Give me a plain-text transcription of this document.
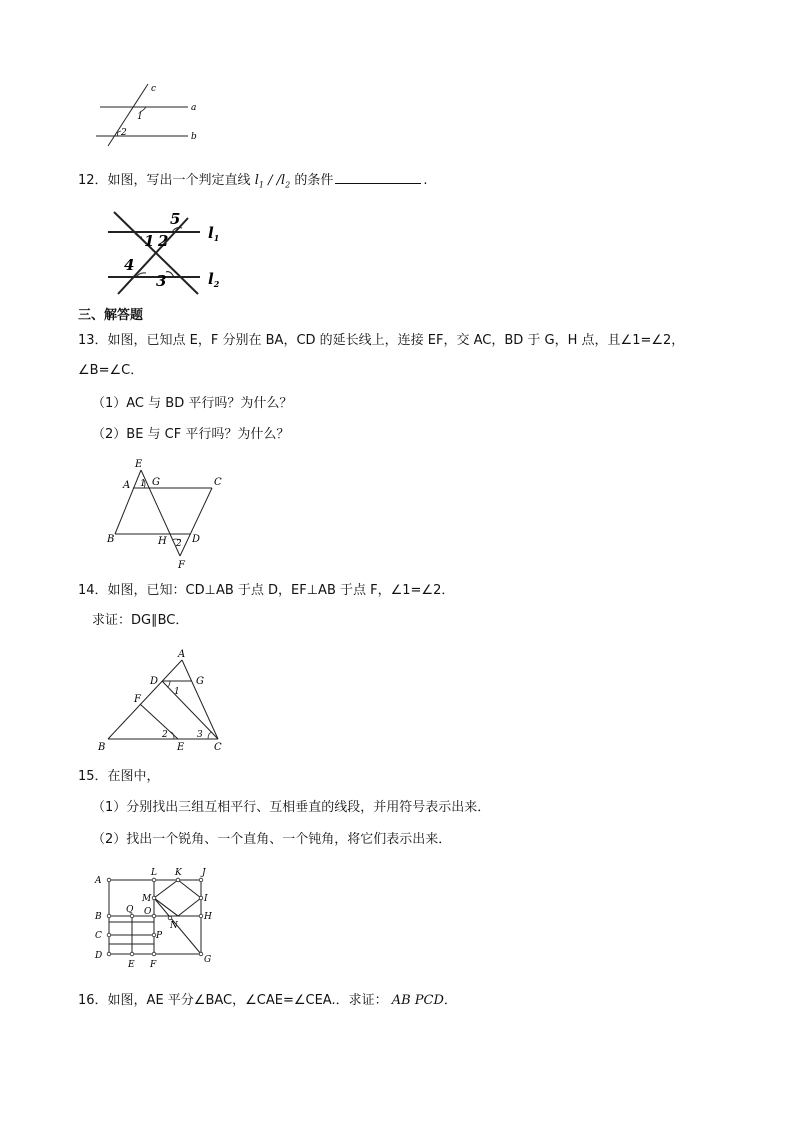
c
a
b
1
2
12．如图，写出一个判定直线 $l_1 / /l_2$ 的条件	.
5
1 2
4
3
$l_1$
$l_2$
三、解答题
13．如图，已知点 E，F 分别在 BA，CD 的延长线上，连接 EF，交 AC，BD 于 G，H 点，且∠1=∠2，
∠B=∠C．
（1）AC 与 BD 平行吗？为什么？
（2）BE 与 CF 平行吗？为什么？
E
A 1 G	C
B	H 2 D
F
14．如图，已知：CD⊥AB 于点 D，EF⊥AB 于点 F，∠1=∠2．
求证：DG∥BC．
A
D	G
1
F
2	3
B	E	C
15．在图中，
（1）分别找出三组互相平行、互相垂直的线段，并用符号表示出来．
（2）找出一个锐角、一个直角、一个钝角，将它们表示出来．
A
L K J
M	I
Q O
B	H
N
C	P
D
E F	G
16．如图，AE 平分∠BAC，∠CAE=∠CEA.．求证： AB PCD．
